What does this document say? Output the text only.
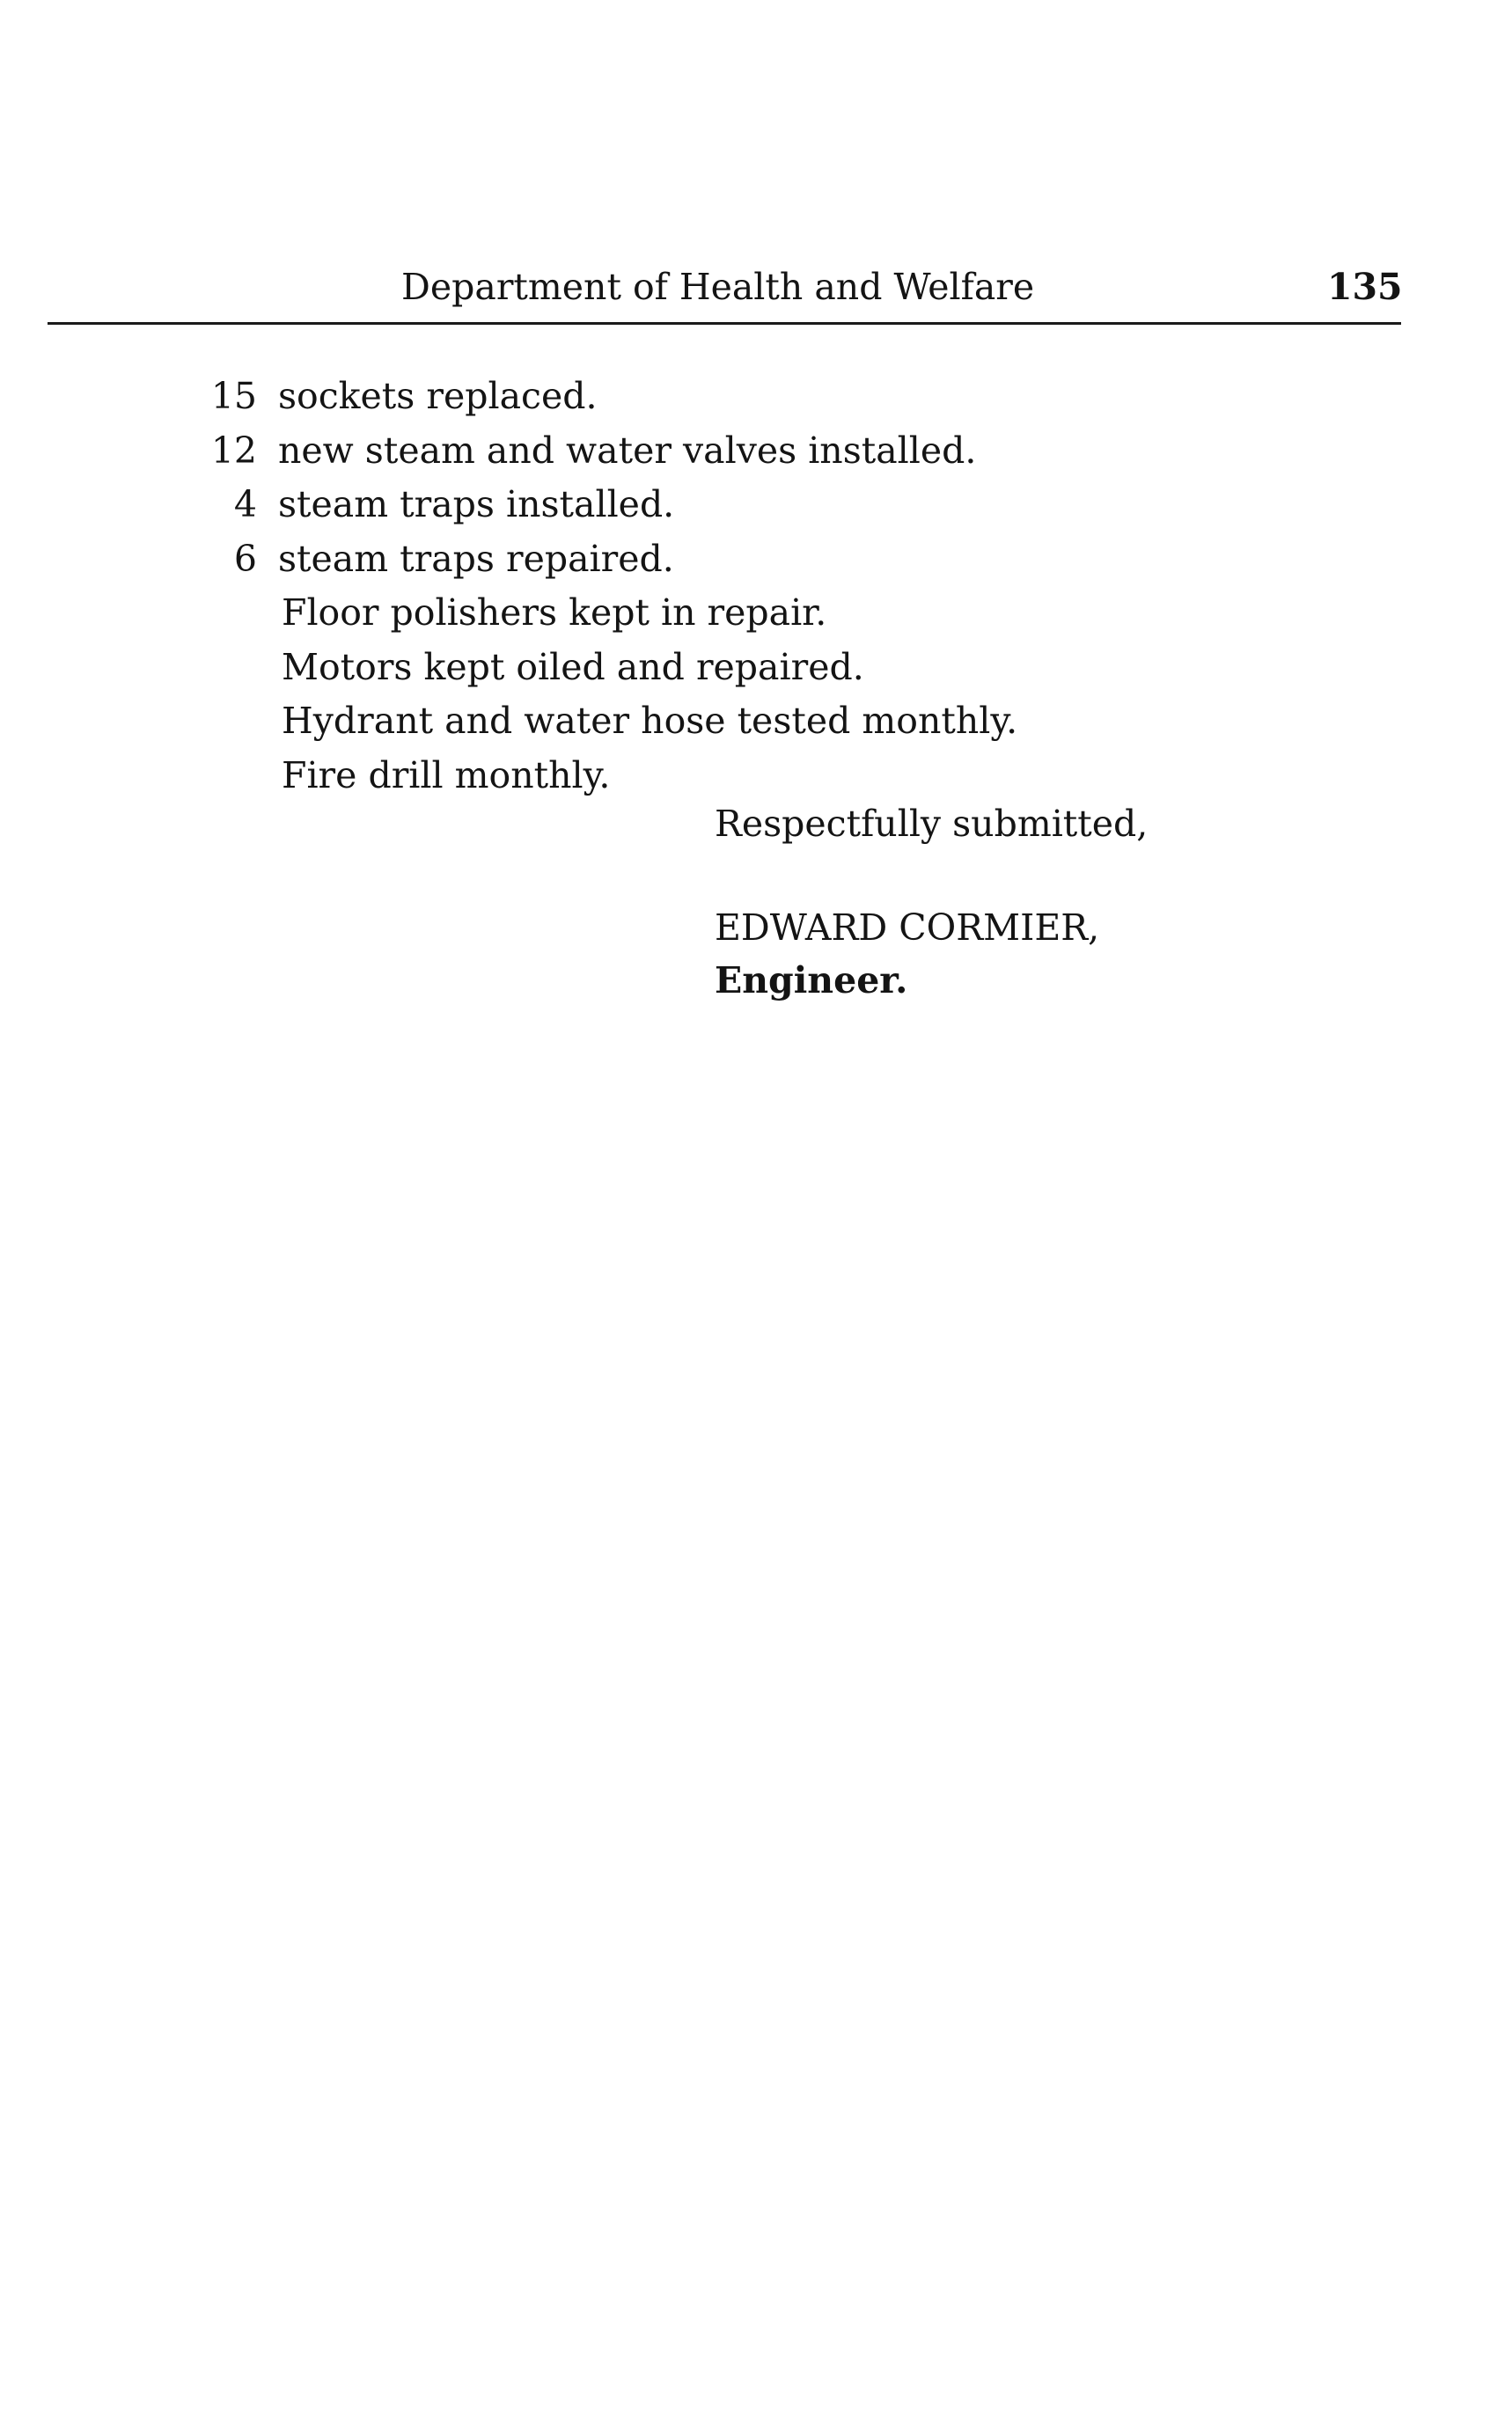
Department of Health and Welfare	135
15 sockets replaced.
12 new steam and water valves installed.
4 steam traps installed.
6 steam traps repaired.
Floor polishers kept in repair.
Motors kept oiled and repaired.
Hydrant and water hose tested monthly.
Fire drill monthly.
Respectfully submitted,
EDWARD CORMIER,
Engineer.
